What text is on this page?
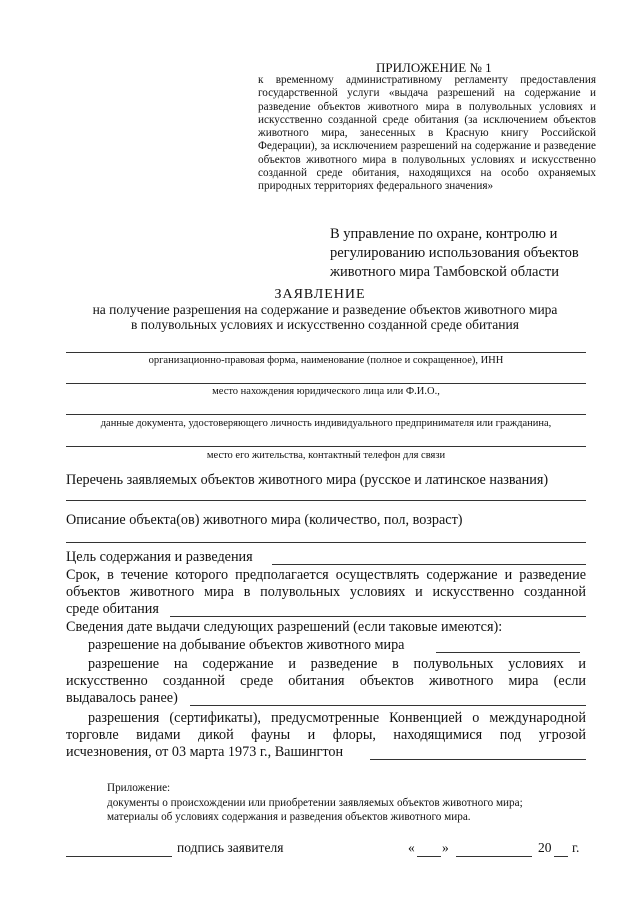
ПРИЛОЖЕНИЕ № 1
к временному административному регламенту предоставления государственной услуги «выдача разрешений на содержание и разведение объектов животного мира в полувольных условиях и искусственно созданной среде обитания (за исключением объектов животного мира, занесенных в Красную книгу Российской Федерации), за исключением разрешений на содержание и разведение объектов животного мира в полувольных условиях и искусственно созданной среде обитания, находящихся на особо охраняемых природных территориях федерального значения»
В управление по охране, контролю и
регулированию использования объектов
животного мира Тамбовской области
ЗАЯВЛЕНИЕ
на получение разрешения на содержание и разведение объектов животного мира
в полувольных условиях и искусственно созданной среде обитания
организационно-правовая форма, наименование (полное и сокращенное), ИНН
место нахождения юридического лица или Ф.И.О.,
данные документа, удостоверяющего личность индивидуального предпринимателя или гражданина,
место его жительства, контактный телефон для связи
Перечень заявляемых объектов животного мира (русское и латинское названия)
Описание объекта(ов) животного мира (количество, пол, возраст)
Цель содержания и разведения
Срок, в течение которого предполагается осуществлять содержание и разведение
объектов животного мира в полувольных условиях и искусственно созданной
среде обитания
Сведения дате выдачи следующих разрешений (если таковые имеются):
разрешение на добывание объектов животного мира
разрешение на содержание и разведение в полувольных условиях и
искусственно созданной среде обитания объектов животного мира (если
выдавалось ранее)
разрешения (сертификаты), предусмотренные Конвенцией о международной
торговле видами дикой фауны и флоры, находящимися под угрозой
исчезновения, от 03 марта 1973 г., Вашингтон
Приложение:
документы о происхождении или приобретении заявляемых объектов животного мира;
материалы об условиях содержания и разведения объектов животного мира.
подпись заявителя	« »	20 г.
